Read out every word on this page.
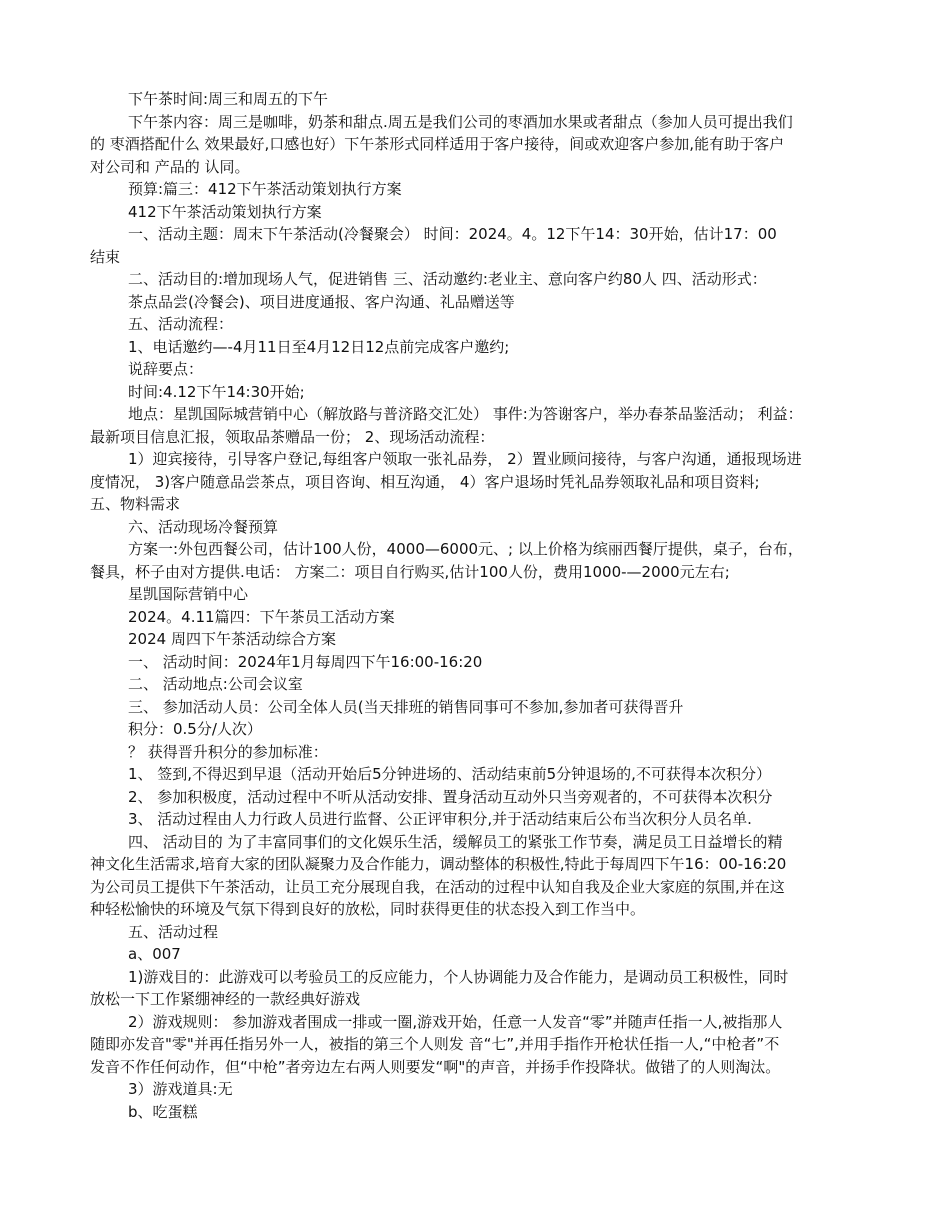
下午茶时间:周三和周五的下午
下午茶内容：周三是咖啡，奶茶和甜点.周五是我们公司的枣酒加水果或者甜点（参加人员可提出我们
的 枣酒搭配什么 效果最好,口感也好）下午茶形式同样适用于客户接待，间或欢迎客户参加,能有助于客户
对公司和 产品的 认同。
预算:篇三：412下午茶活动策划执行方案
412下午茶活动策划执行方案
一、活动主题：周末下午茶活动(冷餐聚会） 时间：2024。4。12下午14：30开始，估计17：00
结束
二、活动目的:增加现场人气，促进销售 三、活动邀约:老业主、意向客户约80人 四、活动形式：
茶点品尝(冷餐会)、项目进度通报、客户沟通、礼品赠送等
五、活动流程：
1、电话邀约—-4月11日至4月12日12点前完成客户邀约;
说辞要点：
时间:4.12下午14:30开始;
地点：星凯国际城营销中心（解放路与普济路交汇处） 事件:为答谢客户，举办春茶品鉴活动； 利益：
最新项目信息汇报，领取品茶赠品一份； 2、现场活动流程：
1）迎宾接待，引导客户登记,每组客户领取一张礼品券， 2）置业顾问接待，与客户沟通，通报现场进
度情况， 3)客户随意品尝茶点，项目咨询、相互沟通， 4）客户退场时凭礼品券领取礼品和项目资料;
五、物料需求
六、活动现场冷餐预算
方案一:外包西餐公司，估计100人份，4000—6000元、; 以上价格为缤丽西餐厅提供，桌子，台布，
餐具，杯子由对方提供.电话： 方案二：项目自行购买,估计100人份，费用1000-—2000元左右;
星凯国际营销中心
2024。4.11篇四：下午茶员工活动方案
2024 周四下午茶活动综合方案
一、 活动时间：2024年1月每周四下午16:00-16:20
二、 活动地点:公司会议室
三、 参加活动人员：公司全体人员(当天排班的销售同事可不参加,参加者可获得晋升
积分：0.5分/人次）
？ 获得晋升积分的参加标准：
1、 签到,不得迟到早退（活动开始后5分钟进场的、活动结束前5分钟退场的,不可获得本次积分）
2、 参加积极度，活动过程中不听从活动安排、置身活动互动外只当旁观者的，不可获得本次积分
3、 活动过程由人力行政人员进行监督、公正评审积分,并于活动结束后公布当次积分人员名单.
四、 活动目的 为了丰富同事们的文化娱乐生活，缓解员工的紧张工作节奏，满足员工日益增长的精
神文化生活需求,培育大家的团队凝聚力及合作能力，调动整体的积极性,特此于每周四下午16：00-16:20
为公司员工提供下午茶活动，让员工充分展现自我，在活动的过程中认知自我及企业大家庭的氛围,并在这
种轻松愉快的环境及气氛下得到良好的放松，同时获得更佳的状态投入到工作当中。
五、活动过程
a、007
1)游戏目的：此游戏可以考验员工的反应能力，个人协调能力及合作能力，是调动员工积极性，同时
放松一下工作紧绷神经的一款经典好游戏
2）游戏规则： 参加游戏者围成一排或一圈,游戏开始，任意一人发音“零”并随声任指一人,被指那人
随即亦发音"零"并再任指另外一人，被指的第三个人则发 音“七”,并用手指作开枪状任指一人,“中枪者”不
发音不作任何动作，但“中枪”者旁边左右两人则要发“啊"的声音，并扬手作投降状。做错了的人则淘汰。
3）游戏道具:无
b、吃蛋糕
